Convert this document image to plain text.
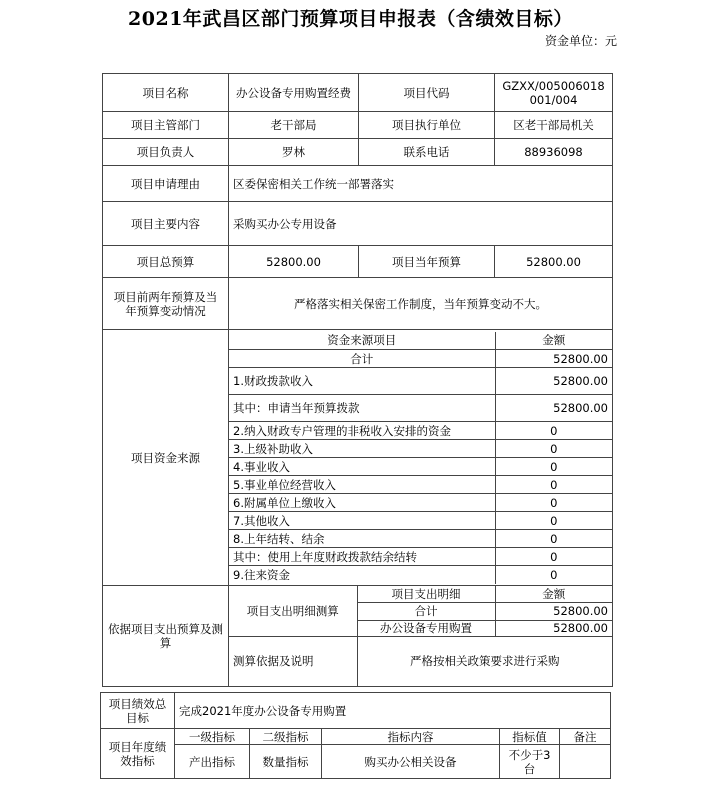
2021年武昌区部门预算项目申报表（含绩效目标）
资金单位：元
项目名称	办公设备专用购置经费	项目代码	GZXX/005006018001/004
项目主管部门	老干部局	项目执行单位	区老干部局机关
项目负责人	罗林	联系电话	88936098
项目申请理由	区委保密相关工作统一部署落实
项目主要内容	采购买办公专用设备
项目总预算	52800.00	项目当年预算	52800.00
项目前两年预算及当年预算变动情况	严格落实相关保密工作制度，当年预算变动不大。
项目资金来源	
资金来源项目	金额
合计	52800.00
1.财政拨款收入	52800.00
其中：申请当年预算拨款	52800.00
2.纳入财政专户管理的非税收入安排的资金	0
3.上级补助收入	0
4.事业收入	0
5.事业单位经营收入	0
6.附属单位上缴收入	0
7.其他收入	0
8.上年结转、结余	0
其中：使用上年度财政拨款结余结转	0
9.往来资金	0

依据项目支出预算及测算	
项目支出明细测算	项目支出明细	金额
合计	52800.00
办公设备专用购置	52800.00
测算依据及说明	严格按相关政策要求进行采购
项目绩效总目标	完成2021年度办公设备专用购置				
项目年度绩效指标	一级指标	二级指标	指标内容	指标值	备注
	产出指标	数量指标	购买办公相关设备	不少于3台	
